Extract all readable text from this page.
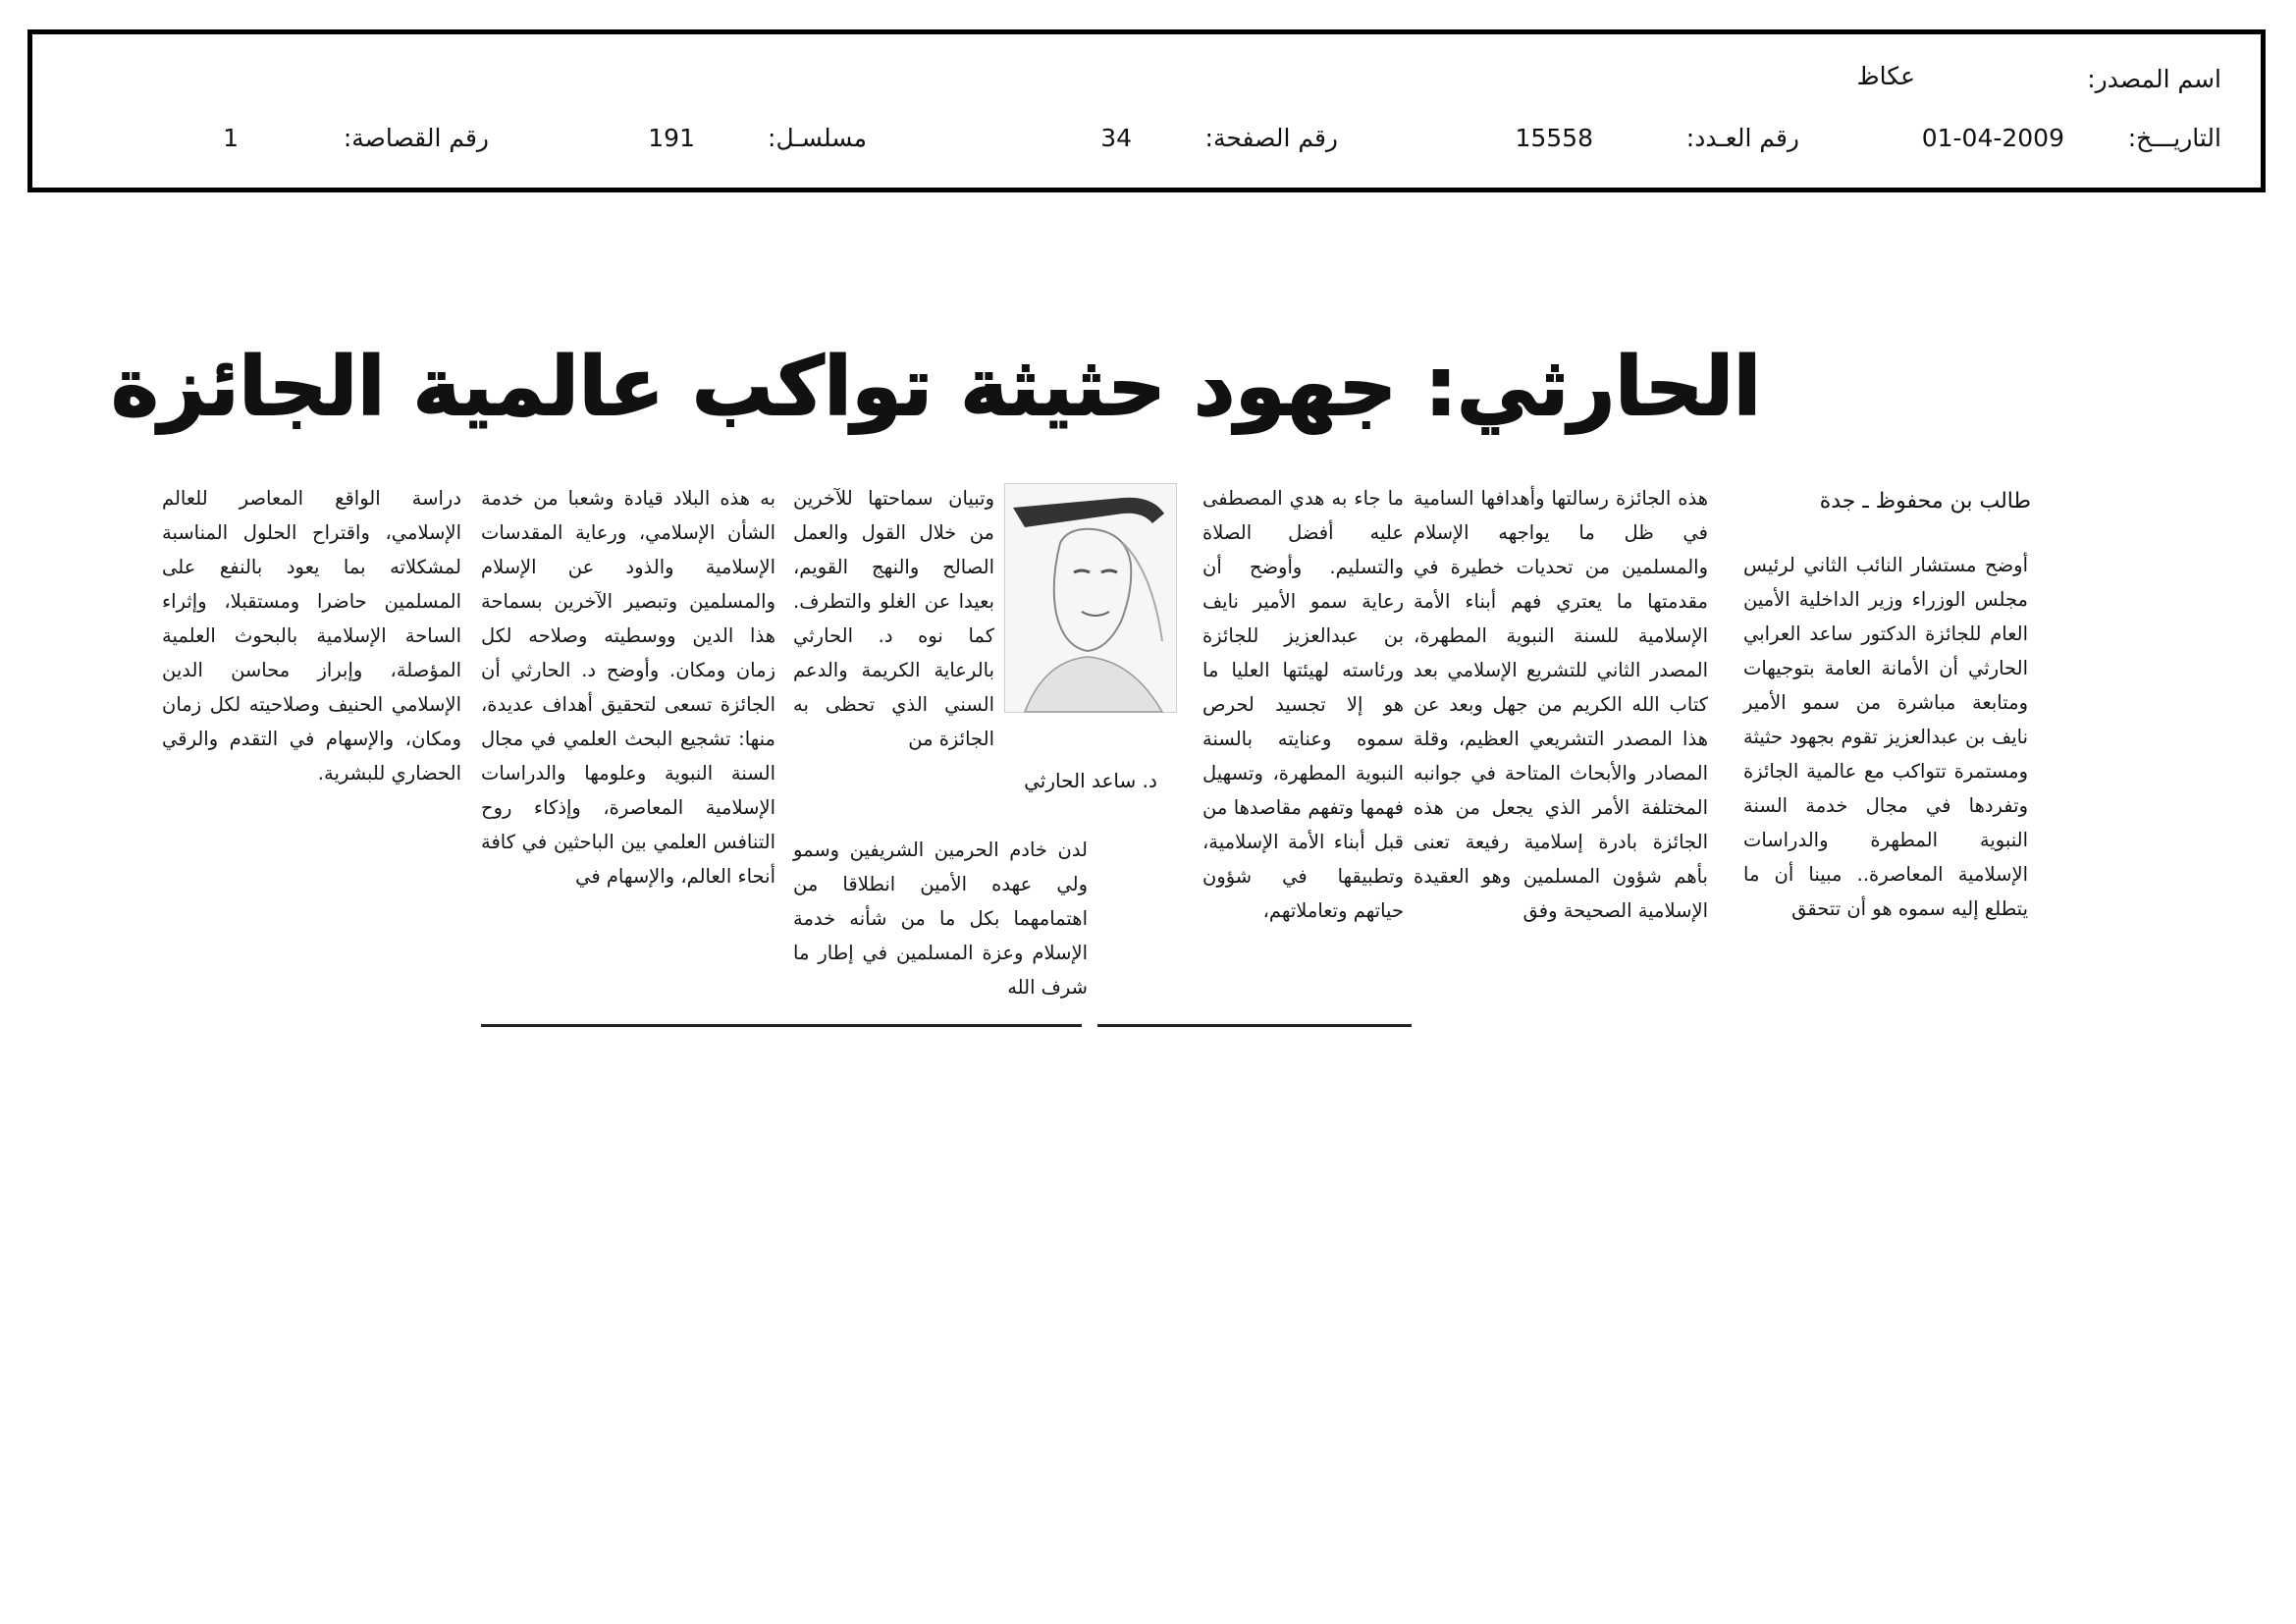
اسم المصدر:
عكاظ
التاريـــخ:
01-04-2009
رقم العـدد:
15558
رقم الصفحة:
34
مسلسـل:
191
رقم القصاصة:
1
الحارثي: جهود حثيثة تواكب عالمية الجائزة
طالب بن محفوظ ـ جدة
أوضح مستشار النائب الثاني لرئيس مجلس الوزراء وزير الداخلية الأمين العام للجائزة الدكتور ساعد العرابي الحارثي أن الأمانة العامة بتوجيهات ومتابعة مباشرة من سمو الأمير نايف بن عبدالعزيز تقوم بجهود حثيثة ومستمرة تتواكب مع عالمية الجائزة وتفردها في مجال خدمة السنة النبوية المطهرة والدراسات الإسلامية المعاصرة.. مبينا أن ما يتطلع إليه سموه هو أن تتحقق
هذه الجائزة رسالتها وأهدافها السامية في ظل ما يواجهه الإسلام والمسلمين من تحديات خطيرة في مقدمتها ما يعتري فهم أبناء الأمة الإسلامية للسنة النبوية المطهرة، المصدر الثاني للتشريع الإسلامي بعد كتاب الله الكريم من جهل وبعد عن هذا المصدر التشريعي العظيم، وقلة المصادر والأبحاث المتاحة في جوانبه المختلفة الأمر الذي يجعل من هذه الجائزة بادرة إسلامية رفيعة تعنى بأهم شؤون المسلمين وهو العقيدة الإسلامية الصحيحة وفق
ما جاء به هدي المصطفى عليه أفضل الصلاة والتسليم. وأوضح أن رعاية سمو الأمير نايف بن عبدالعزيز للجائزة ورئاسته لهيئتها العليا ما هو إلا تجسيد لحرص سموه وعنايته بالسنة النبوية المطهرة، وتسهيل فهمها وتفهم مقاصدها من قبل أبناء الأمة الإسلامية، وتطبيقها في شؤون حياتهم وتعاملاتهم،
د. ساعد الحارثي
وتبيان سماحتها للآخرين من خلال القول والعمل الصالح والنهج القويم، بعيدا عن الغلو والتطرف. كما نوه د. الحارثي بالرعاية الكريمة والدعم السني الذي تحظى به الجائزة من
لدن خادم الحرمين الشريفين وسمو ولي عهده الأمين انطلاقا من اهتمامهما بكل ما من شأنه خدمة الإسلام وعزة المسلمين في إطار ما شرف الله
به هذه البلاد قيادة وشعبا من خدمة الشأن الإسلامي، ورعاية المقدسات الإسلامية والذود عن الإسلام والمسلمين وتبصير الآخرين بسماحة هذا الدين ووسطيته وصلاحه لكل زمان ومكان. وأوضح د. الحارثي أن الجائزة تسعى لتحقيق أهداف عديدة، منها: تشجيع البحث العلمي في مجال السنة النبوية وعلومها والدراسات الإسلامية المعاصرة، وإذكاء روح التنافس العلمي بين الباحثين في كافة أنحاء العالم، والإسهام في
دراسة الواقع المعاصر للعالم الإسلامي، واقتراح الحلول المناسبة لمشكلاته بما يعود بالنفع على المسلمين حاضرا ومستقبلا، وإثراء الساحة الإسلامية بالبحوث العلمية المؤصلة، وإبراز محاسن الدين الإسلامي الحنيف وصلاحيته لكل زمان ومكان، والإسهام في التقدم والرقي الحضاري للبشرية.
